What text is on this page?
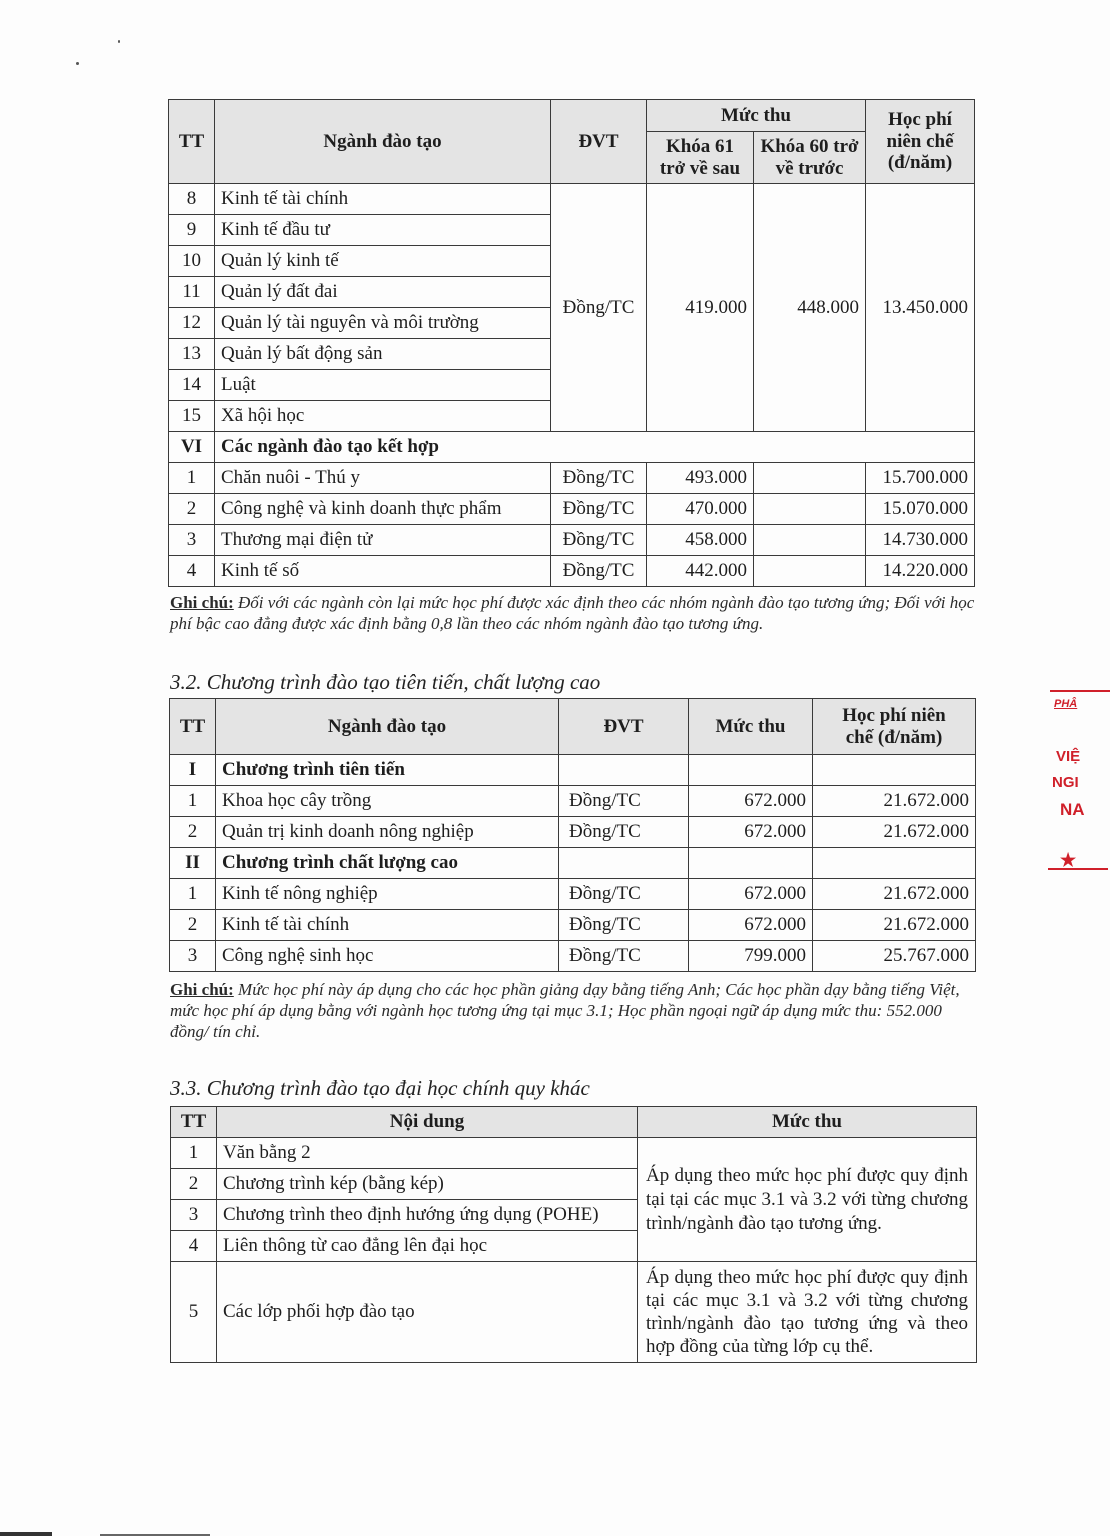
TT	Ngành đào tạo	ĐVT	Mức thu		Học phí niên chế (đ/năm)
			Khóa 61 trở về sau	Khóa 60 trở về trước	
8	Kinh tế tài chính	Đồng/TC	419.000	448.000	13.450.000
9	Kinh tế đầu tư				
10	Quản lý kinh tế				
11	Quản lý đất đai				
12	Quản lý tài nguyên và môi trường				
13	Quản lý bất động sản				
14	Luật				
15	Xã hội học				
VI	Các ngành đào tạo kết hợp				
1	Chăn nuôi - Thú y	Đồng/TC	493.000		15.700.000
2	Công nghệ và kinh doanh thực phẩm	Đồng/TC	470.000		15.070.000
3	Thương mại điện tử	Đồng/TC	458.000		14.730.000
4	Kinh tế số	Đồng/TC	442.000		14.220.000
Ghi chú: Đối với các ngành còn lại mức học phí được xác định theo các nhóm ngành đào tạo tương ứng; Đối với học phí bậc cao đẳng được xác định bằng 0,8 lần theo các nhóm ngành đào tạo tương ứng.
3.2. Chương trình đào tạo tiên tiến, chất lượng cao
TT	Ngành đào tạo	ĐVT	Mức thu	Học phí niên chế (đ/năm)
I	Chương trình tiên tiến			
1	Khoa học cây trồng	Đồng/TC	672.000	21.672.000
2	Quản trị kinh doanh nông nghiệp	Đồng/TC	672.000	21.672.000
II	Chương trình chất lượng cao			
1	Kinh tế nông nghiệp	Đồng/TC	672.000	21.672.000
2	Kinh tế tài chính	Đồng/TC	672.000	21.672.000
3	Công nghệ sinh học	Đồng/TC	799.000	25.767.000
Ghi chú: Mức học phí này áp dụng cho các học phần giảng dạy bằng tiếng Anh; Các học phần dạy bằng tiếng Việt, mức học phí áp dụng bằng với ngành học tương ứng tại mục 3.1; Học phần ngoại ngữ áp dụng mức thu: 552.000 đồng/ tín chỉ.
3.3. Chương trình đào tạo đại học chính quy khác
TT	Nội dung	Mức thu
1	Văn bằng 2	Áp dụng theo mức học phí được quy định tại tại các mục 3.1 và 3.2 với từng chương trình/ngành đào tạo tương ứng.
2	Chương trình kép (bằng kép)	
3	Chương trình theo định hướng ứng dụng (POHE)	
4	Liên thông từ cao đẳng lên đại học	
5	Các lớp phối hợp đào tạo	Áp dụng theo mức học phí được quy định tại các mục 3.1 và 3.2 với từng chương trình/ngành đào tạo tương ứng và theo hợp đồng của từng lớp cụ thể.
PHÂ
VIỆ
NGI
NA
★
